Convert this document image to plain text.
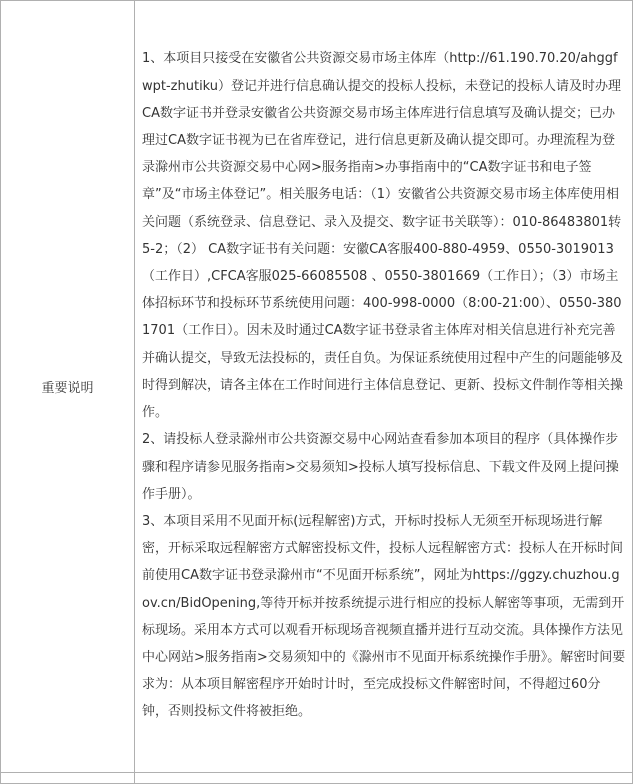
重要说明	1、本项目只接受在安徽省公共资源交易市场主体库（http://61.190.70.20/ahggfwpt-zhutiku）登记并进行信息确认提交的投标人投标，未登记的投标人请及时办理CA数字证书并登录安徽省公共资源交易市场主体库进行信息填写及确认提交；已办理过CA数字证书视为已在省库登记，进行信息更新及确认提交即可。办理流程为登录滁州市公共资源交易中心网>服务指南>办事指南中的“CA数字证书和电子签章”及“市场主体登记”。相关服务电话：（1）安徽省公共资源交易市场主体库使用相关问题（系统登录、信息登记、录入及提交、数字证书关联等）：010-86483801转5-2；（2） CA数字证书有关问题：安徽CA客服400-880-4959、0550-3019013（工作日）,CFCA客服025-66085508 、0550-3801669（工作日）；（3）市场主体招标环节和投标环节系统使用问题：400-998-0000（8:00-21:00）、0550-3801701（工作日）。因未及时通过CA数字证书登录省主体库对相关信息进行补充完善并确认提交，导致无法投标的，责任自负。为保证系统使用过程中产生的问题能够及时得到解决，请各主体在工作时间进行主体信息登记、更新、投标文件制作等相关操作。

2、请投标人登录滁州市公共资源交易中心网站查看参加本项目的程序（具体操作步骤和程序请参见服务指南>交易须知>投标人填写投标信息、下载文件及网上提问操作手册）。

3、本项目采用不见面开标(远程解密)方式，开标时投标人无须至开标现场进行解密，开标采取远程解密方式解密投标文件，投标人远程解密方式：投标人在开标时间前使用CA数字证书登录滁州市“不见面开标系统”，网址为https://ggzy.chuzhou.gov.cn/BidOpening,等待开标并按系统提示进行相应的投标人解密等事项，无需到开标现场。采用本方式可以观看开标现场音视频直播并进行互动交流。具体操作方法见中心网站>服务指南>交易须知中的《滁州市不见面开标系统操作手册》。解密时间要求为：从本项目解密程序开始时计时，至完成投标文件解密时间，不得超过60分钟，否则投标文件将被拒绝。
